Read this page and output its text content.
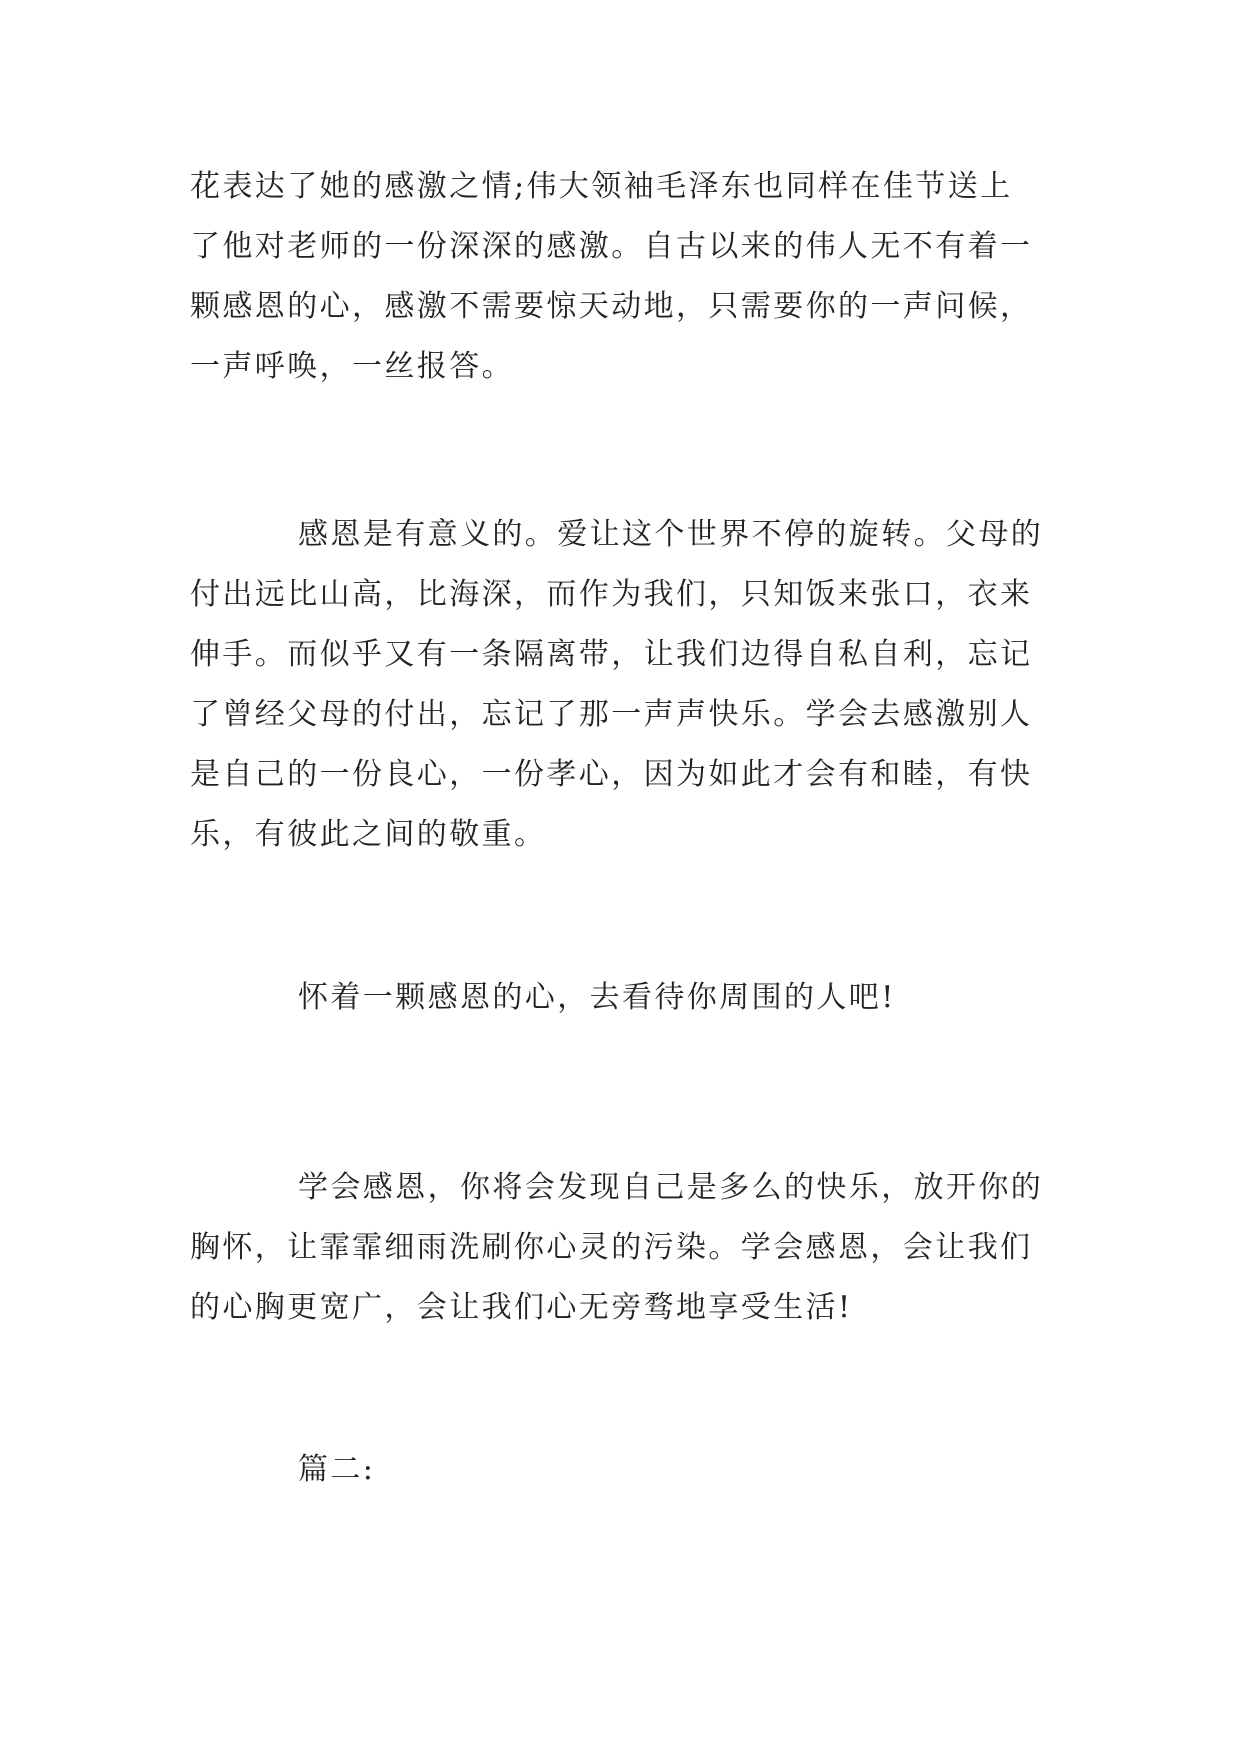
花表达了她的感激之情;伟大领袖毛泽东也同样在佳节送上

了他对老师的一份深深的感激。自古以来的伟人无不有着一

颗感恩的心，感激不需要惊天动地，只需要你的一声问候，

一声呼唤，一丝报答。

感恩是有意义的。爱让这个世界不停的旋转。父母的

付出远比山高，比海深，而作为我们，只知饭来张口，衣来

伸手。而似乎又有一条隔离带，让我们边得自私自利，忘记

了曾经父母的付出，忘记了那一声声快乐。学会去感激别人

是自己的一份良心，一份孝心，因为如此才会有和睦，有快

乐，有彼此之间的敬重。

怀着一颗感恩的心，去看待你周围的人吧!

学会感恩，你将会发现自己是多么的快乐，放开你的

胸怀，让霏霏细雨洗刷你心灵的污染。学会感恩，会让我们

的心胸更宽广，会让我们心无旁骛地享受生活!

篇二:
